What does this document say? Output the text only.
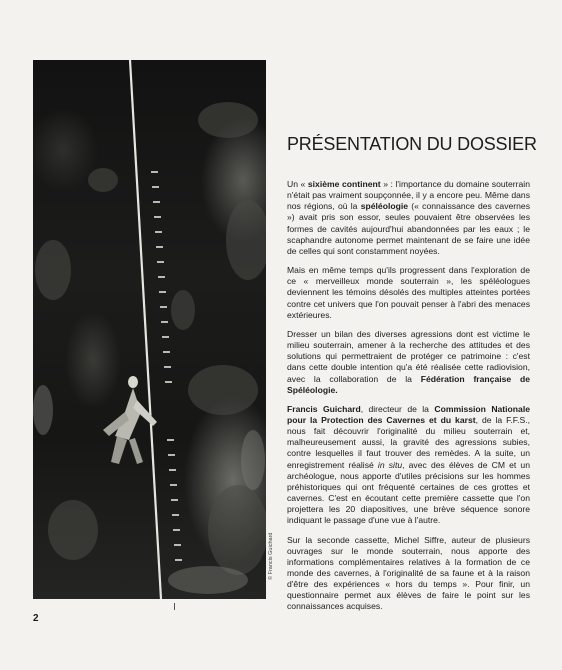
© Francis Guichard
PRÉSENTATION DU DOSSIER

Un « sixième continent » : l'importance du domaine souterrain n'était pas vraiment soupçonnée, il y a encore peu. Même dans nos régions, où la spéléologie (« connaissance des cavernes ») avait pris son essor, seules pouvaient être observées les formes de cavités aujourd'hui abandonnées par les eaux ; le scaphandre autonome permet maintenant de se faire une idée de celles qui sont constamment noyées.

Mais en même temps qu'ils progressent dans l'exploration de ce « merveilleux monde souterrain », les spéléologues deviennent les témoins désolés des multiples atteintes portées contre cet univers que l'on pouvait penser à l'abri des menaces extérieures.

Dresser un bilan des diverses agressions dont est victime le milieu souterrain, amener à la recherche des attitudes et des solutions qui permettraient de protéger ce patrimoine : c'est dans cette double intention qu'a été réalisée cette radiovision, avec la collaboration de la Fédération française de Spéléologie.

Francis Guichard, directeur de la Commission Nationale pour la Protection des Cavernes et du karst, de la F.F.S., nous fait découvrir l'originalité du milieu souterrain et, malheureusement aussi, la gravité des agressions subies, contre lesquelles il faut trouver des remèdes. A la suite, un enregistrement réalisé in situ, avec des élèves de CM et un archéologue, nous apporte d'utiles précisions sur les hommes préhistoriques qui ont fréquenté certaines de ces grottes et cavernes. C'est en écoutant cette première cassette que l'on projettera les 20 diapositives, une brève séquence sonore indiquant le passage d'une vue à l'autre.

Sur la seconde cassette, Michel Siffre, auteur de plusieurs ouvrages sur le monde souterrain, nous apporte des informations complémentaires relatives à la formation de ce monde des cavernes, à l'originalité de sa faune et à la raison d'être des expériences « hors du temps ». Pour finir, un questionnaire permet aux élèves de faire le point sur les connaissances acquises.

2
